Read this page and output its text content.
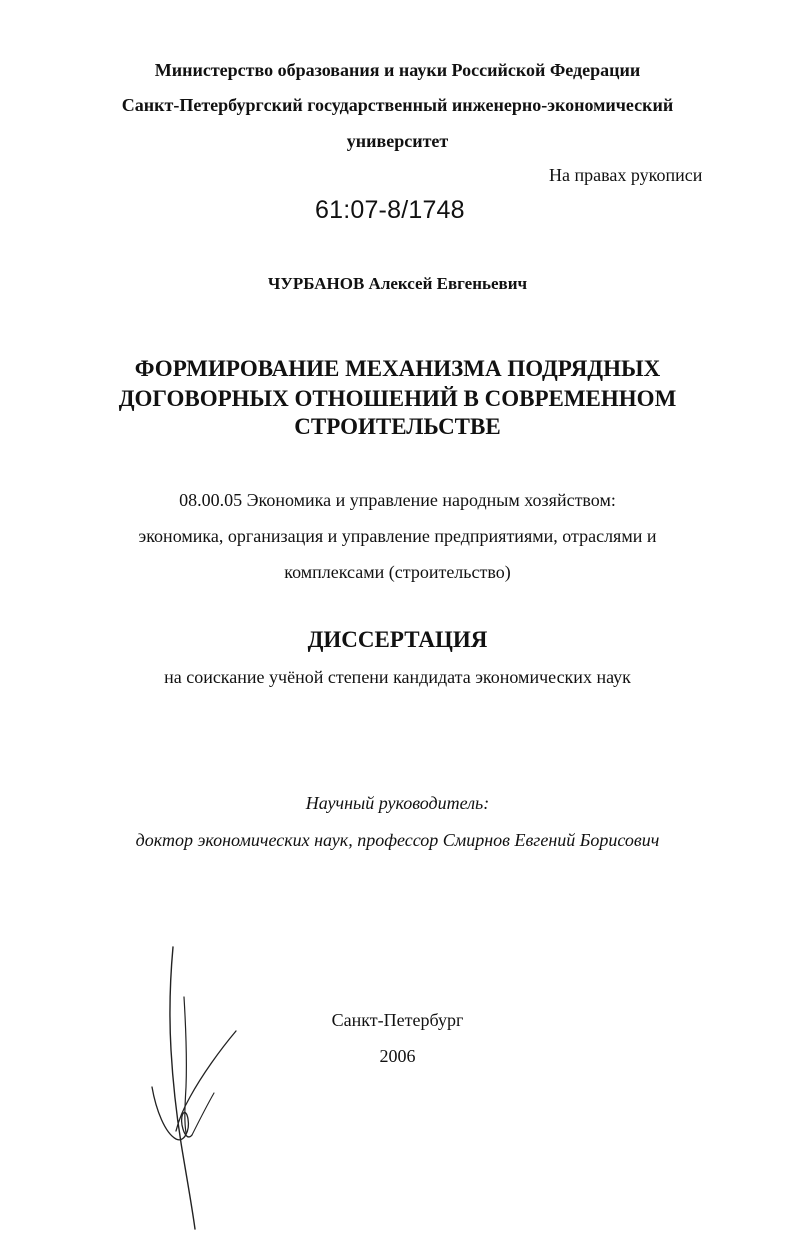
Министерство образования и науки Российской Федерации
Санкт-Петербургский государственный инженерно-экономический
университет
На правах рукописи
61:07-8/1748
ЧУРБАНОВ Алексей Евгеньевич
ФОРМИРОВАНИЕ МЕХАНИЗМА ПОДРЯДНЫХ
ДОГОВОРНЫХ ОТНОШЕНИЙ В СОВРЕМЕННОМ
СТРОИТЕЛЬСТВЕ
08.00.05 Экономика и управление народным хозяйством:
экономика, организация и управление предприятиями, отраслями и
комплексами (строительство)
ДИССЕРТАЦИЯ
на соискание учёной степени кандидата экономических наук
Научный руководитель:
доктор экономических наук, профессор Смирнов Евгений Борисович
Санкт-Петербург
2006
